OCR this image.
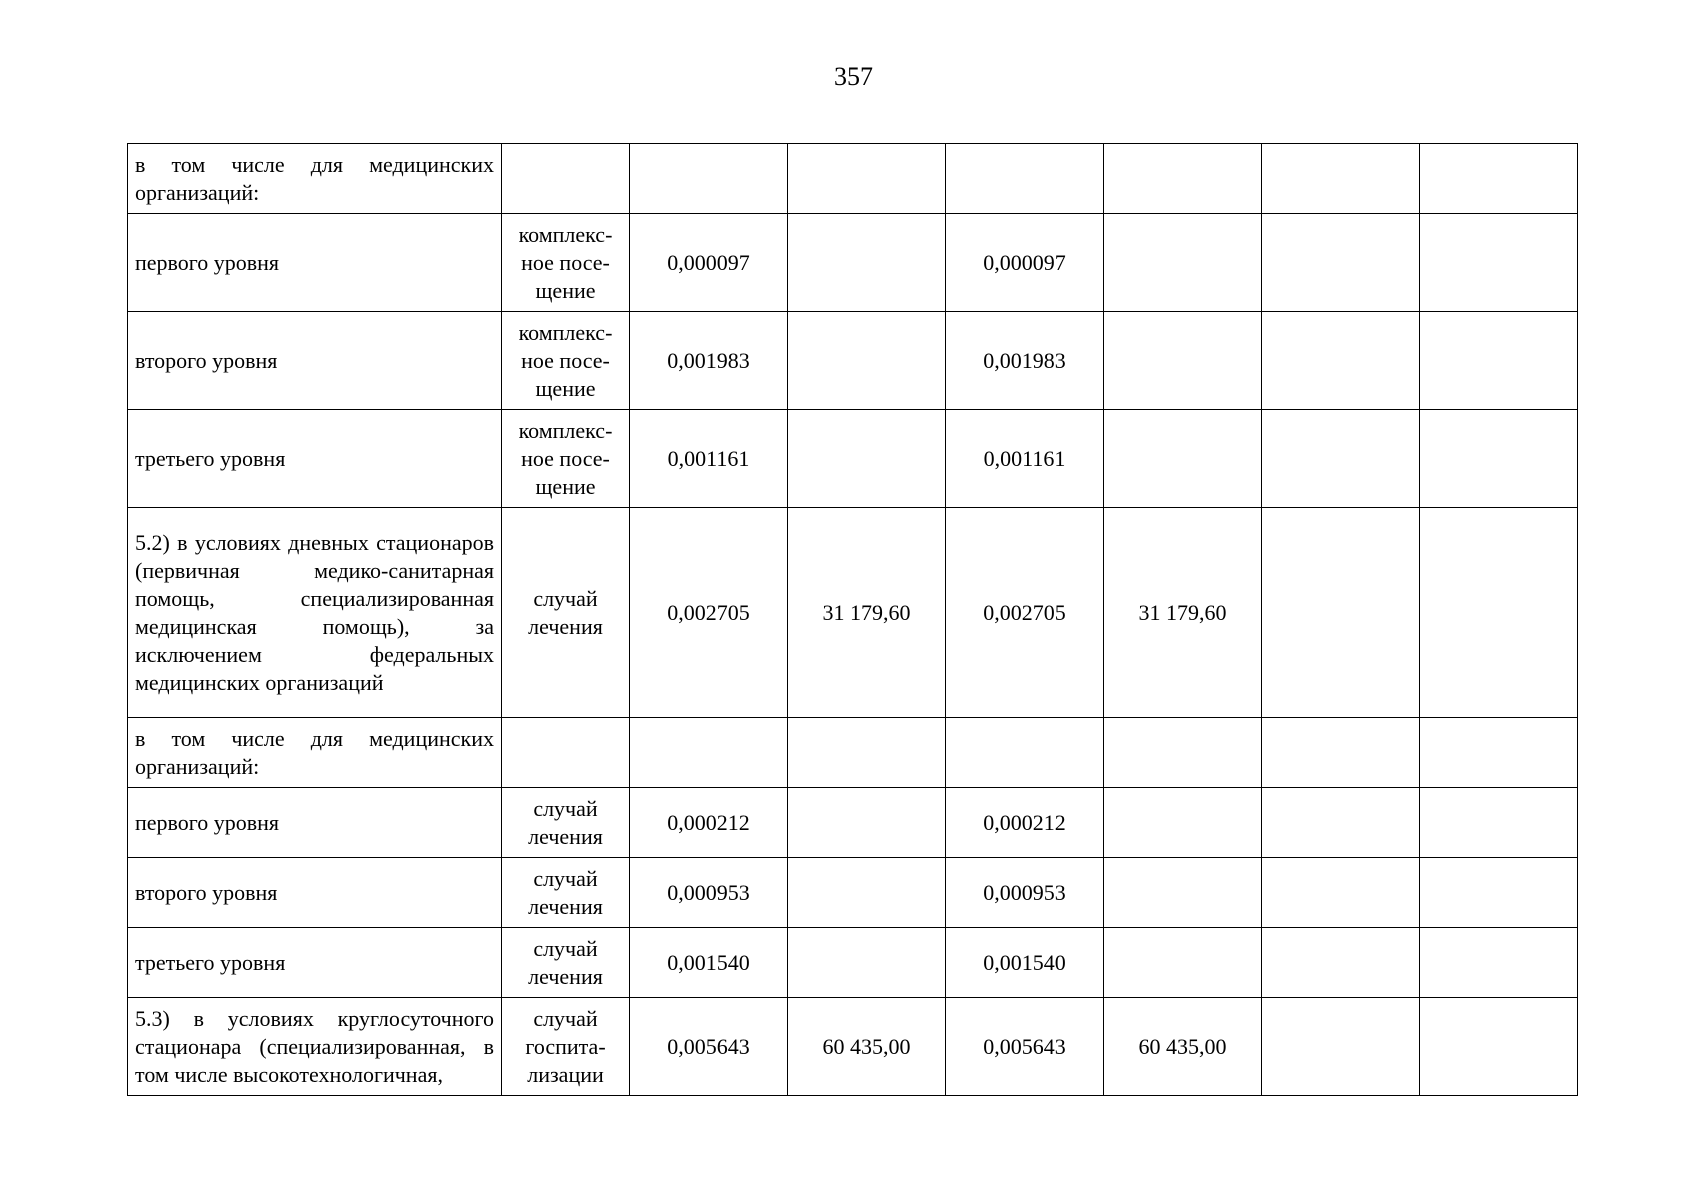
357
в том числе для медицинских организаций:							
первого уровня	комплекс-ное посе-щение	0,000097		0,000097			
второго уровня	комплекс-ное посе-щение	0,001983		0,001983			
третьего уровня	комплекс-ное посе-щение	0,001161		0,001161			
5.2) в условиях дневных стационаров (первичная медико-санитарная помощь, специализированная медицинская помощь), за исключением федеральных медицинских организаций	случай лечения	0,002705	31 179,60	0,002705	31 179,60		
в том числе для медицинских организаций:							
первого уровня	случай лечения	0,000212		0,000212			
второго уровня	случай лечения	0,000953		0,000953			
третьего уровня	случай лечения	0,001540		0,001540			
5.3) в условиях круглосуточного стационара (специализированная, в том числе высокотехнологичная,	случай госпита-лизации	0,005643	60 435,00	0,005643	60 435,00		
